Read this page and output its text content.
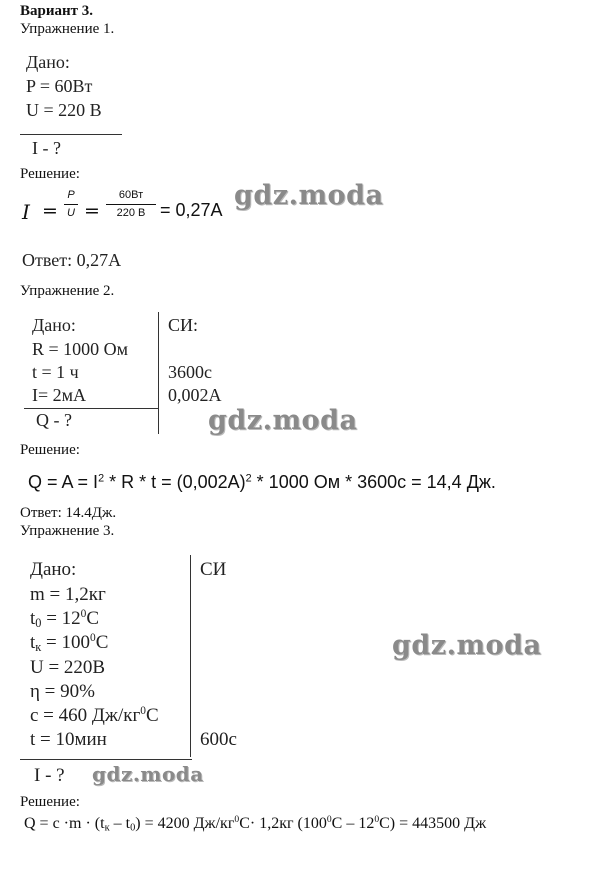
Вариант 3.
Упражнение 1.
Дано:
P = 60Вт
U = 220 В
I - ?
Решение:
I =
P
U =
60Вт
220 В = 0,27А gdz.moda
Ответ: 0,27А
Упражнение 2.
Дано:	СИ:
R = 1000 Ом
t = 1 ч	3600с
I= 2мА	0,002А
Q - ?	gdz.moda
Решение:
$Q = A = I^2 * R * t = (0,002А)^2 * 1000$ Ом * 3600с = 14,4 Дж.
Ответ: 14.4Дж.
Упражнение 3.
Дано:	СИ
m = 1,2кг
$t_0 = 12^0C$
$t_к = 100^0C$
U = 220В
η = 90%
с = 460 $Дж/кг^0C$
t = 10мин	600с
I - ? gdz.moda
gdz.moda
Решение:
$Q = с \cdot m \cdot (t_к - t_0) = 4200$ $Дж/кг^0С\cdot 1,2кг$ $(100^0С - 12^0С) = 443500$ Дж
